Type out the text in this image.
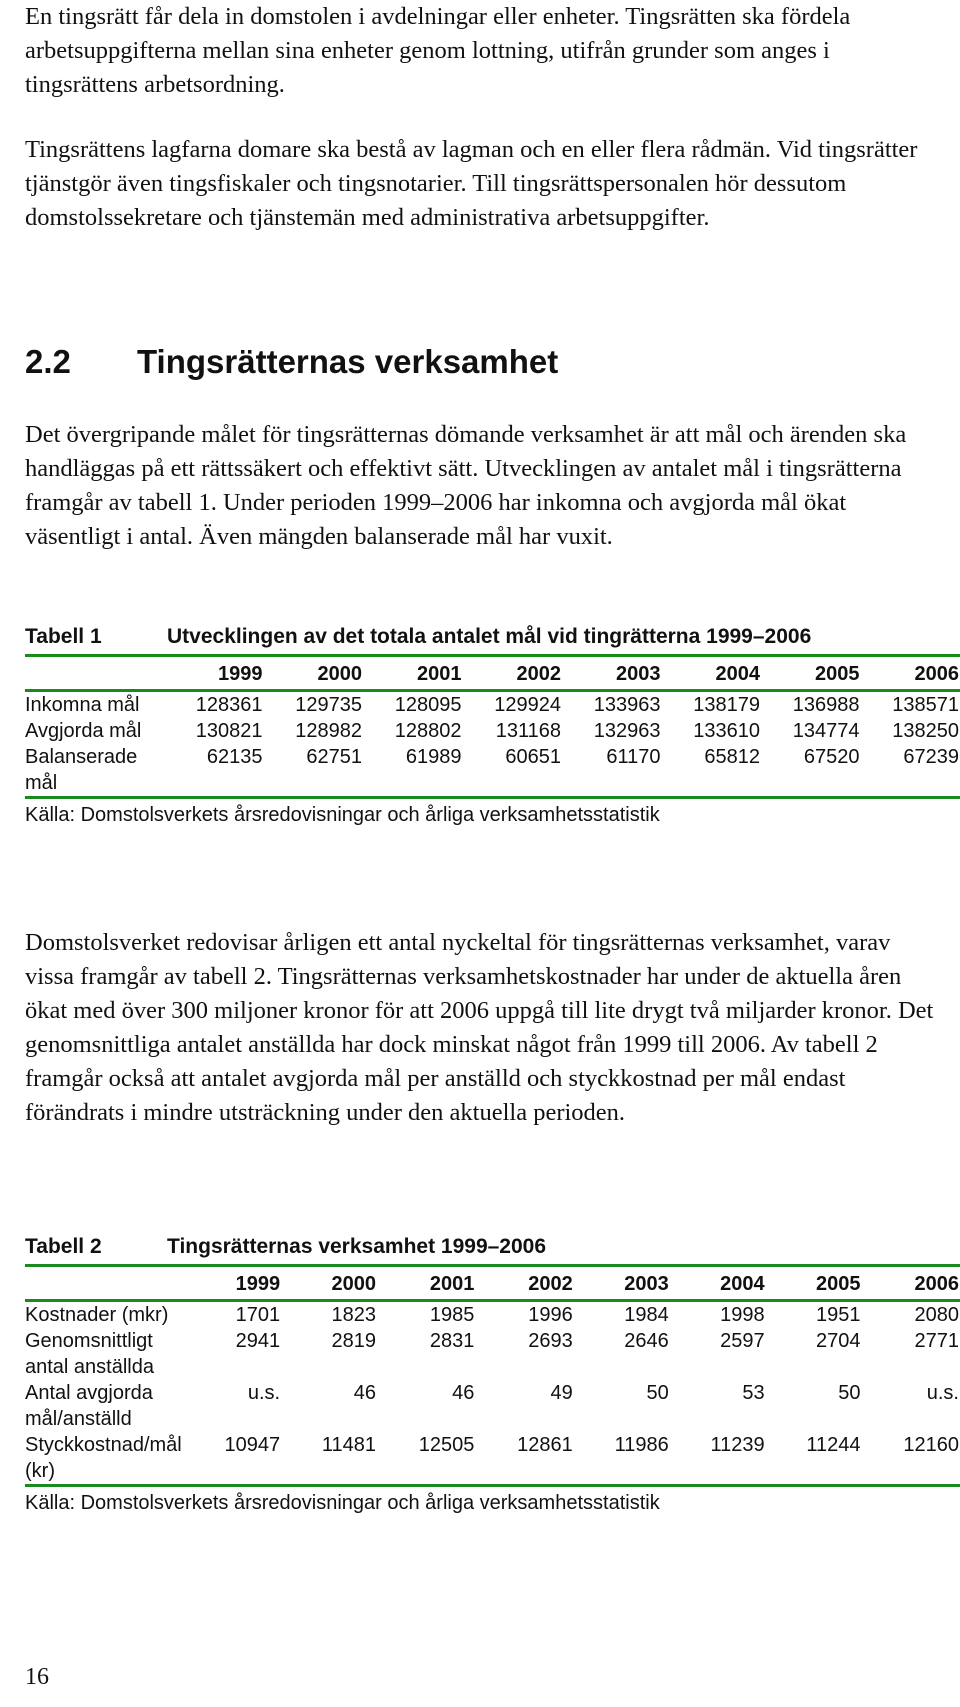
En tingsrätt får dela in domstolen i avdelningar eller enheter. Tingsrätten ska fördela arbetsuppgifterna mellan sina enheter genom lottning, utifrån grunder som anges i tingsrättens arbetsordning.

Tingsrättens lagfarna domare ska bestå av lagman och en eller flera rådmän. Vid tingsrätter tjänstgör även tingsfiskaler och tingsnotarier. Till tingsrättspersonalen hör dessutom domstolssekretare och tjänstemän med administrativa arbetsuppgifter.

2.2	Tingsrätternas verksamhet

Det övergripande målet för tingsrätternas dömande verksamhet är att mål och ärenden ska handläggas på ett rättssäkert och effektivt sätt. Utvecklingen av antalet mål i tingsrätterna framgår av tabell 1. Under perioden 1999–2006 har inkomna och avgjorda mål ökat väsentligt i antal. Även mängden balanserade mål har vuxit.

Tabell 1	Utvecklingen av det totala antalet mål vid tingrätterna 1999–2006
	1999	2000	2001	2002	2003	2004	2005	2006
Inkomna mål	128361	129735	128095	129924	133963	138179	136988	138571
Avgjorda mål	130821	128982	128802	131168	132963	133610	134774	138250
Balanserade mål	62135	62751	61989	60651	61170	65812	67520	67239
Källa: Domstolsverkets årsredovisningar och årliga verksamhetsstatistik

Domstolsverket redovisar årligen ett antal nyckeltal för tingsrätternas verksamhet, varav vissa framgår av tabell 2. Tingsrätternas verksamhetskostnader har under de aktuella åren ökat med över 300 miljoner kronor för att 2006 uppgå till lite drygt två miljarder kronor. Det genomsnittliga antalet anställda har dock minskat något från 1999 till 2006. Av tabell 2 framgår också att antalet avgjorda mål per anställd och styckkostnad per mål endast förändrats i mindre utsträckning under den aktuella perioden.

Tabell 2	Tingsrätternas verksamhet 1999–2006
	1999	2000	2001	2002	2003	2004	2005	2006
Kostnader (mkr)	1701	1823	1985	1996	1984	1998	1951	2080
Genomsnittligt antal anställda	2941	2819	2831	2693	2646	2597	2704	2771
Antal avgjorda mål/anställd	u.s.	46	46	49	50	53	50	u.s.
Styckkostnad/mål (kr)	10947	11481	12505	12861	11986	11239	11244	12160
Källa: Domstolsverkets årsredovisningar och årliga verksamhetsstatistik
16
